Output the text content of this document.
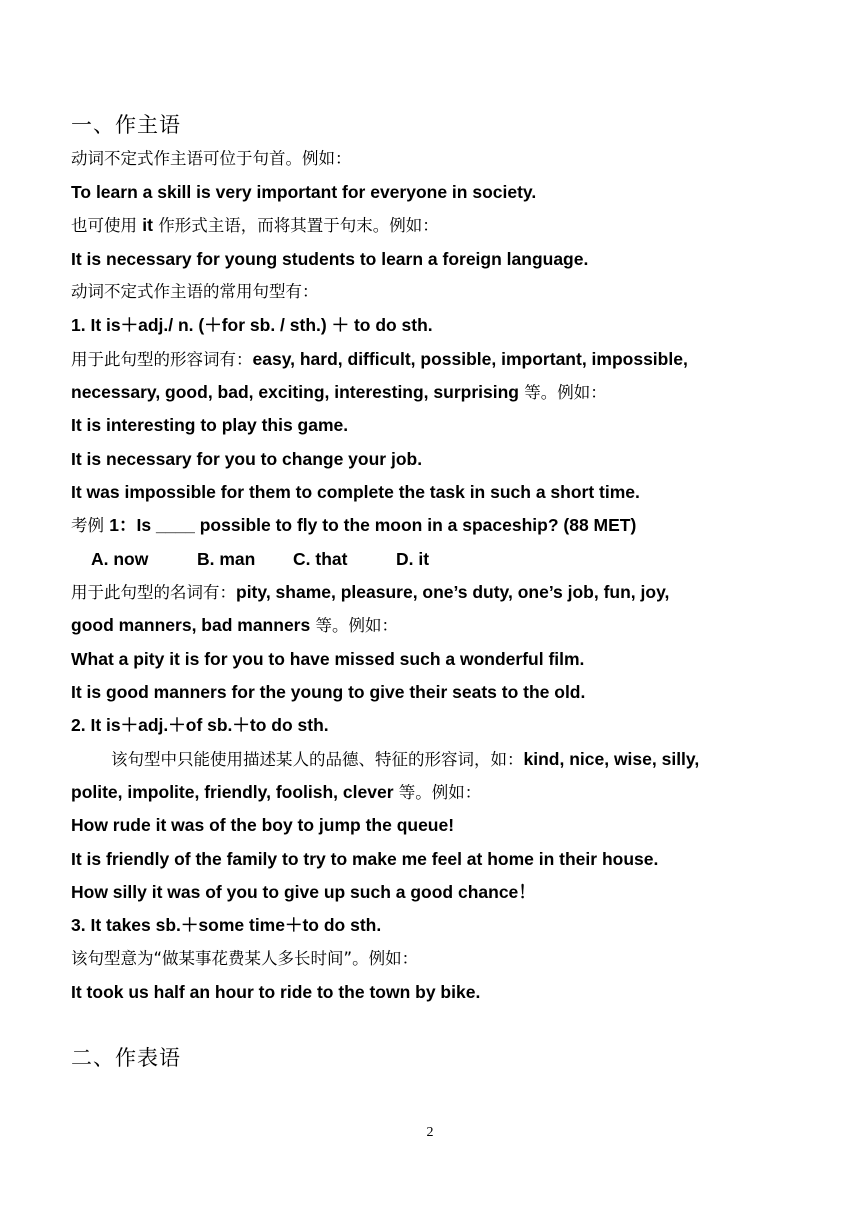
一、作主语
动词不定式作主语可位于句首。例如：
To learn a skill is very important for everyone in society.
也可使用 it 作形式主语，而将其置于句末。例如：
It is necessary for young students to learn a foreign language.
动词不定式作主语的常用句型有：
1. It is＋adj./ n. (＋for sb. / sth.) ＋ to do sth.
用于此句型的形容词有：easy, hard, difficult, possible, important, impossible,
necessary, good, bad, exciting, interesting, surprising 等。例如：
It is interesting to play this game.
It is necessary for you to change your job.
It was impossible for them to complete the task in such a short time.
考例 1：Is ____ possible to fly to the moon in a spaceship? (88 MET)
A. now	B. man C. that	D. it
用于此句型的名词有：pity, shame, pleasure, one’s duty, one’s job, fun, joy,
good manners, bad manners 等。例如：
What a pity it is for you to have missed such a wonderful film.
It is good manners for the young to give their seats to the old.
2. It is＋adj.＋of sb.＋to do sth.
该句型中只能使用描述某人的品德、特征的形容词，如：kind, nice, wise, silly,
polite, impolite, friendly, foolish, clever 等。例如：
How rude it was of the boy to jump the queue!
It is friendly of the family to try to make me feel at home in their house.
How silly it was of you to give up such a good chance！
3. It takes sb.＋some time＋to do sth.
该句型意为“做某事花费某人多长时间”。例如：
It took us half an hour to ride to the town by bike.
二、作表语
2
